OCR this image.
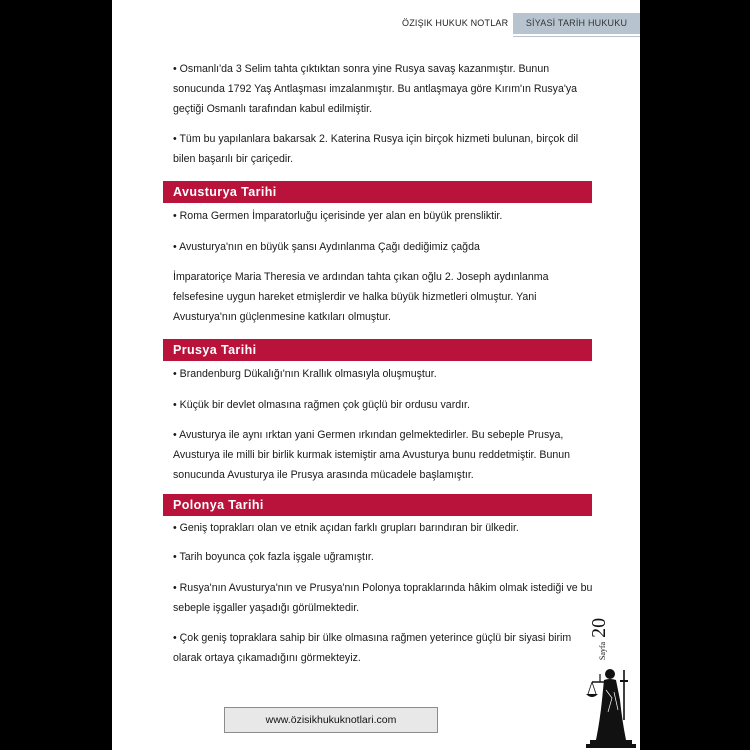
ÖZIŞIK HUKUK NOTLAR	SİYASİ TARİH HUKUKU
• Osmanlı'da 3 Selim tahta çıktıktan sonra yine Rusya savaş kazanmıştır. Bunun sonucunda 1792 Yaş Antlaşması imzalanmıştır. Bu antlaşmaya göre Kırım'ın Rusya'ya geçtiği Osmanlı tarafından kabul edilmiştir.
• Tüm bu yapılanlara bakarsak 2. Katerina Rusya için birçok hizmeti bulunan, birçok dil bilen başarılı bir çariçedir.
Avusturya Tarihi
• Roma Germen İmparatorluğu içerisinde yer alan en büyük prensliktir.
• Avusturya'nın en büyük şansı Aydınlanma Çağı dediğimiz çağda
İmparatoriçe Maria Theresia ve ardından tahta çıkan oğlu 2. Joseph aydınlanma felsefesine uygun hareket etmişlerdir ve halka büyük hizmetleri olmuştur. Yani Avusturya'nın güçlenmesine katkıları olmuştur.
Prusya Tarihi
• Brandenburg Dükalığı'nın Krallık olmasıyla oluşmuştur.
• Küçük bir devlet olmasına rağmen çok güçlü bir ordusu vardır.
• Avusturya ile aynı ırktan yani Germen ırkından gelmektedirler. Bu sebeple Prusya, Avusturya ile milli bir birlik kurmak istemiştir ama Avusturya bunu reddetmiştir. Bunun sonucunda Avusturya ile Prusya arasında mücadele başlamıştır.
Polonya Tarihi
• Geniş toprakları olan ve etnik açıdan farklı grupları barındıran bir ülkedir.
• Tarih boyunca çok fazla işgale uğramıştır.
• Rusya'nın Avusturya'nın ve Prusya'nın Polonya topraklarında hâkim olmak istediği ve bu sebeple işgaller yaşadığı görülmektedir.
• Çok geniş topraklara sahip bir ülke olmasına rağmen yeterince güçlü bir siyasi birim olarak ortaya çıkamadığını görmekteyiz.
www.özisikhukuknotlari.com
Sayfa 20
